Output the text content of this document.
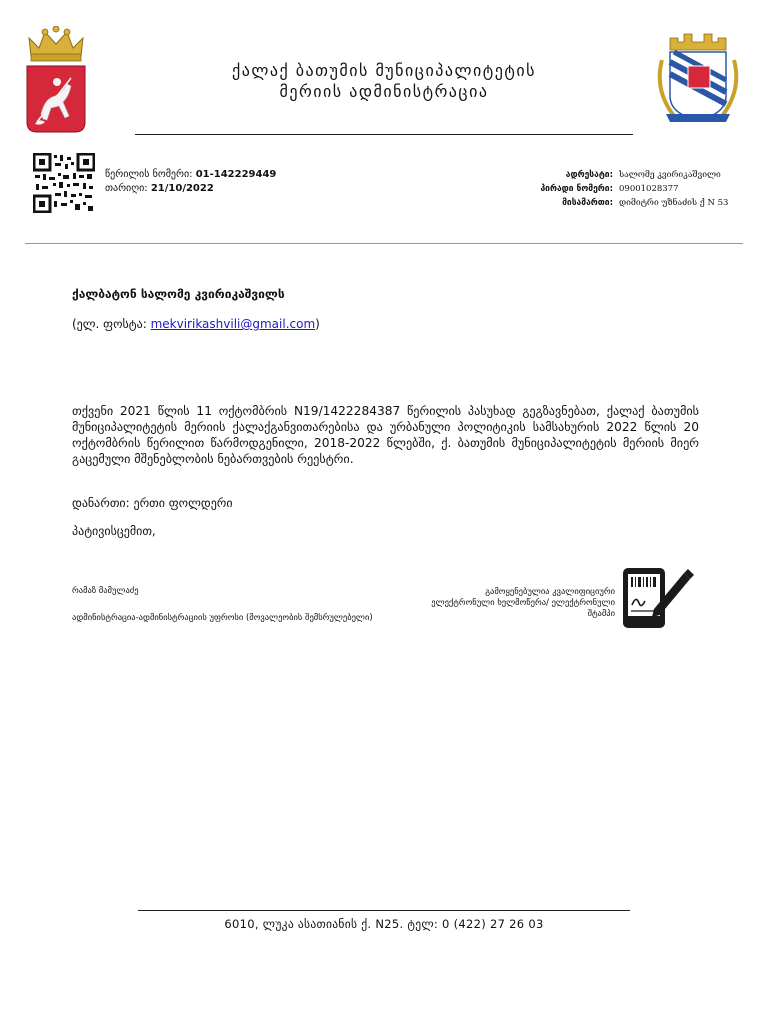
ქალაქ ბათუმის მუნიციპალიტეტის
მერიის ადმინისტრაცია
წერილის ნომერი: 01-142229449
თარიღი: 21/10/2022
ადრესატი:	სალომე კვირიკაშვილი
პირადი ნომერი:	09001028377
მისამართი:	დიმიტრი უზნაძის ქ N 53
ქალბატონ სალომე კვირიკაშვილს
(ელ. ფოსტა: mekvirikashvili@gmail.com)
თქვენი 2021 წლის 11 ოქტომბრის N19/1422284387 წერილის პასუხად გეგზავნებათ, ქალაქ ბათუმის მუნიციპალიტეტის მერიის ქალაქგანვითარებისა და ურბანული პოლიტიკის სამსახურის 2022 წლის 20 ოქტომბრის წერილით წარმოდგენილი, 2018-2022 წლებში, ქ. ბათუმის მუნიციპალიტეტის მერიის მიერ გაცემული მშენებლობის ნებართვების რეესტრი.
დანართი: ერთი ფოლდერი
პატივისცემით,
რამაზ მამულაძე
ადმინისტრაცია-ადმინისტრაციის უფროსი (მოვალეობის შემსრულებელი)
გამოყენებულია კვალიფიციური ელექტრონული ხელმოწერა/ ელექტრონული შტამპი
6010, ლუკა ასათიანის ქ. N25. ტელ: 0 (422) 27 26 03
